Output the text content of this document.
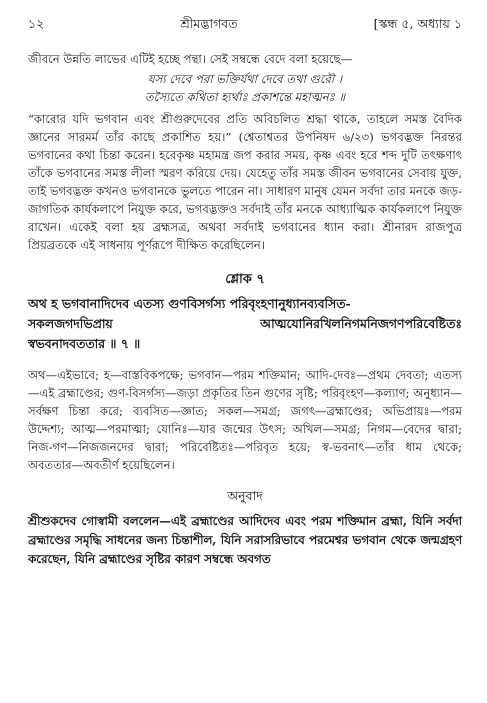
১২	শ্রীমদ্ভাগবত	[স্কন্ধ ৫, অধ্যায় ১

জীবনে উন্নতি লাভের এটিই হচ্ছে পন্থা। সেই সম্বন্ধে বেদে বলা হয়েছে—

যস্য দেবে পরা ভক্তির্যথা দেবে তথা গুরৌ ।
তস্যৈতে কথিতা হ্যর্থাঃ প্রকাশন্তে মহাত্মনঃ ॥

“কারোর যদি ভগবান এবং শ্রীগুরুদেবের প্রতি অবিচলিত শ্রদ্ধা থাকে, তাহলে সমস্ত বৈদিক জ্ঞানের সারমর্ম তাঁর কাছে প্রকাশিত হয়।” (শ্বেতাশ্বতর উপনিষদ ৬/২৩) ভগবদ্ভক্ত নিরন্তর ভগবানের কথা চিন্তা করেন। হরেকৃষ্ণ মহামন্ত্র জপ করার সময়, কৃষ্ণ এবং হরে শব্দ দুটি তৎক্ষণাৎ তাঁকে ভগবানের সমস্ত লীলা স্মরণ করিয়ে দেয়। যেহেতু তাঁর সমস্ত জীবন ভগবানের সেবায় যুক্ত, তাই ভগবদ্ভক্ত কখনও ভগবানকে ভুলতে পারেন না। সাধারণ মানুষ যেমন সর্বদা তার মনকে জড়-জাগতিক কার্যকলাপে নিযুক্ত করে, ভগবদ্ভক্তও সর্বদাই তাঁর মনকে আধ্যাত্মিক কার্যকলাপে নিযুক্ত রাখেন। একেই বলা হয় ব্রহ্মসত্র, অথবা সর্বদাই ভগবানের ধ্যান করা। শ্রীনারদ রাজপুত্র প্রিয়ব্রতকে এই সাধনায় পূর্ণরূপে দীক্ষিত করেছিলেন।

শ্লোক ৭
অথ হ ভগবানাদিদেব এতস্য গুণবিসর্গস্য পরিবৃংহণানুধ্যানব্যবসিত-
সকলজগদভিপ্রায় আত্মযোনিরখিলনিগমনিজগণপরিবেষ্টিতঃ
স্বভবনাদবততার ॥ ৭ ॥

অথ—এইভাবে; হ—বাস্তবিকপক্ষে; ভগবান—পরম শক্তিমান; আদি-দেবঃ—প্রথম দেবতা; এতস্য—এই ব্রহ্মাণ্ডের; গুণ-বিসর্গস্য—জড়া প্রকৃতির তিন গুণের সৃষ্টি; পরিবৃংহণ—কল্যাণ; অনুধ্যান—সর্বক্ষণ চিন্তা করে; ব্যবসিত—জ্ঞাত; সকল—সমগ্র; জগৎ—ব্রহ্মাণ্ডের; অভিপ্রায়ঃ—পরম উদ্দেশ্য; আত্ম—পরমাত্মা; যোনিঃ—যার জন্মের উৎস; অখিল—সমগ্র; নিগম—বেদের দ্বারা; নিজ-গণ—নিজজনদের দ্বারা; পরিবেষ্টিতঃ—পরিবৃত হয়ে; স্ব-ভবনাৎ—তাঁর ধাম থেকে; অবততার—অবতীর্ণ হয়েছিলেন।

অনুবাদ

শ্রীশুকদেব গোস্বামী বললেন—এই ব্রহ্মাণ্ডের আদিদেব এবং পরম শক্তিমান ব্রহ্মা, যিনি সর্বদা ব্রহ্মাণ্ডের সমৃদ্ধি সাধনের জন্য চিন্তাশীল, যিনি সরাসরিভাবে পরমেশ্বর ভগবান থেকে জন্মগ্রহণ করেছেন, যিনি ব্রহ্মাণ্ডের সৃষ্টির কারণ সম্বন্ধে অবগত
